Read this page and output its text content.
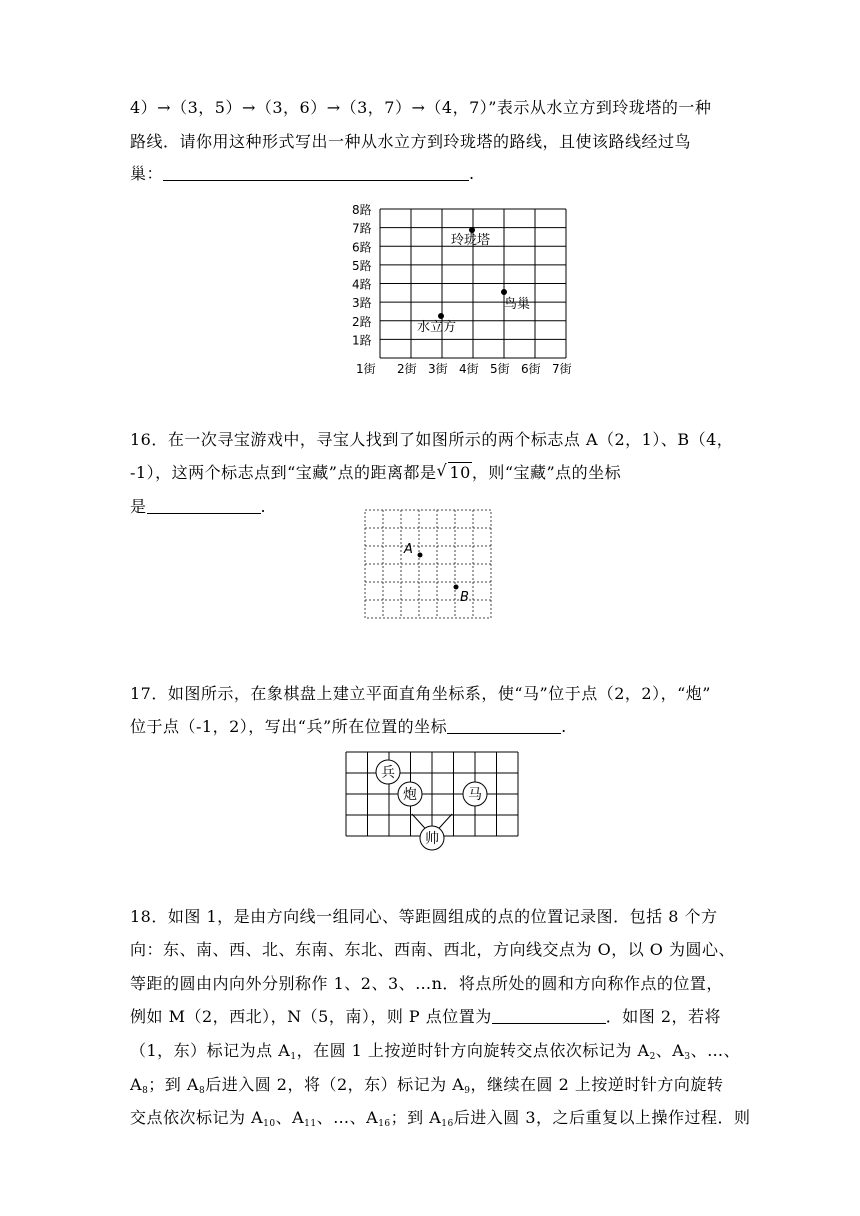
4）→（3，5）→（3，6）→（3，7）→（4，7）”表示从水立方到玲珑塔的一种
路线．请你用这种形式写出一种从水立方到玲珑塔的路线，且使该路线经过鸟
巢：	.
8路
7路
6路
5路
4路
3路
2路
1路
1街 2街 3街 4街 5街 6街 7街
玲珑塔
鸟巢
水立方
16．在一次寻宝游戏中，寻宝人找到了如图所示的两个标志点 A（2，1）、B（4，
-1），这两个标志点到“宝藏”点的距离都是 √ 10，则“宝藏”点的坐标
是	.
A
B
17．如图所示，在象棋盘上建立平面直角坐标系，使“马”位于点（2，2），“炮”
位于点（-1，2），写出“兵”所在位置的坐标	.
兵
炮	马
帅
18．如图 1，是由方向线一组同心、等距圆组成的点的位置记录图．包括 8 个方
向：东、南、西、北、东南、东北、西南、西北，方向线交点为 O，以 O 为圆心、
等距的圆由内向外分别称作 1、2、3、…n．将点所处的圆和方向称作点的位置，
例如 M（2，西北），N（5，南），则 P 点位置为	．如图 2，若将
（1，东）标记为点 $A_1$，在圆 1 上按逆时针方向旋转交点依次标记为 $A_2$、$A_3$、…、
$A_8$；到 $A_8$后进入圆 2，将（2，东）标记为 $A_9$，继续在圆 2 上按逆时针方向旋转
交点依次标记为 $A_{10}$、$A_{11}$、…、$A_{16}$；到 $A_{16}$后进入圆 3，之后重复以上操作过程．则
